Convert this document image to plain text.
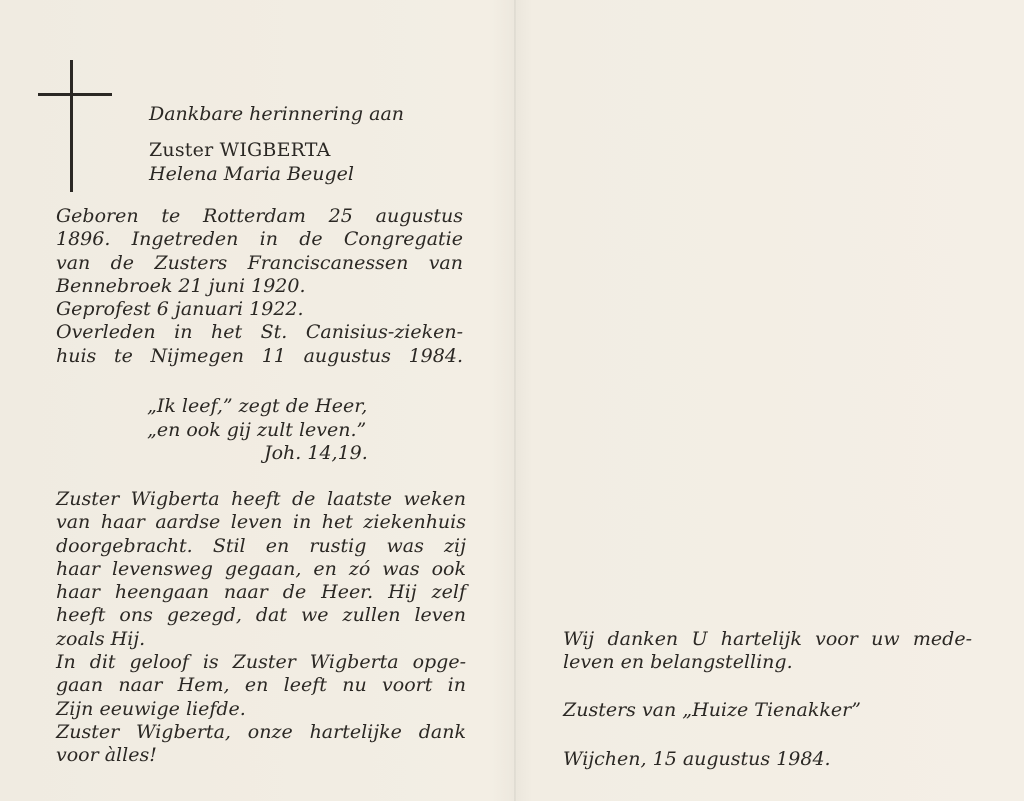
Dankbare herinnering aan
Zuster WIGBERTA
Helena Maria Beugel
Geboren te Rotterdam 25 augustus
1896. Ingetreden in de Congregatie
van de Zusters Franciscanessen van
Bennebroek 21 juni 1920.
Geprofest 6 januari 1922.
Overleden in het St. Canisius-zieken-
huis te Nijmegen 11 augustus 1984.
„Ik leef,” zegt de Heer,
„en ook gij zult leven.”
Joh. 14,19.
Zuster Wigberta heeft de laatste weken
van haar aardse leven in het ziekenhuis
doorgebracht. Stil en rustig was zij
haar levensweg gegaan, en zó was ook
haar heengaan naar de Heer. Hij zelf
heeft ons gezegd, dat we zullen leven
zoals Hij.
In dit geloof is Zuster Wigberta opge-
gaan naar Hem, en leeft nu voort in
Zijn eeuwige liefde.
Zuster Wigberta, onze hartelijke dank
voor àlles!
Wij danken U hartelijk voor uw mede-
leven en belangstelling.
Zusters van „Huize Tienakker”
Wijchen, 15 augustus 1984.
